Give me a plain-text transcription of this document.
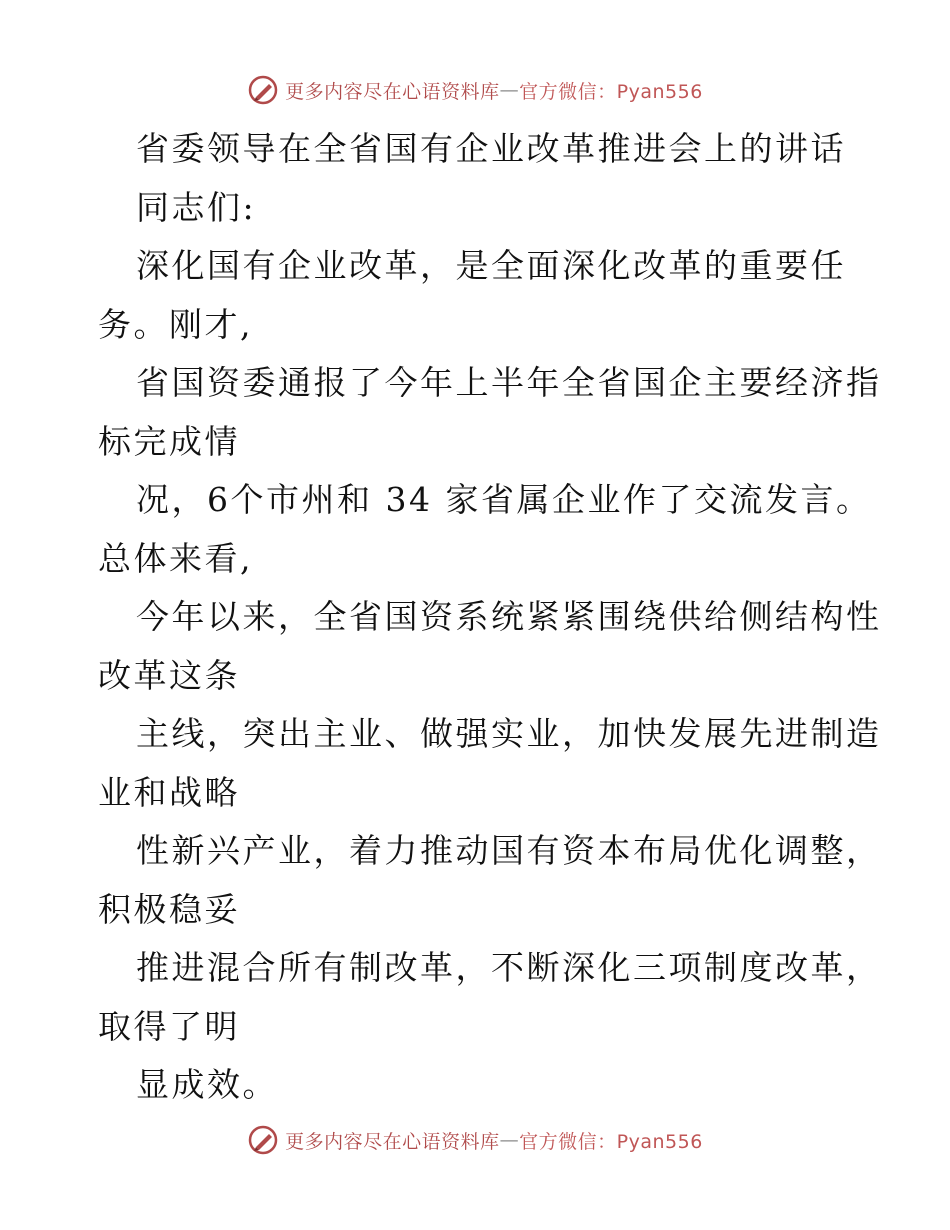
更多内容尽在心语资料库 — 官方微信：Pyan556
省委领导在全省国有企业改革推进会上的讲话
同志们:
深化国有企业改革，是全面深化改革的重要任
务。刚才,
省国资委通报了今年上半年全省国企主要经济指
标完成情
况，6个市州和 34 家省属企业作了交流发言。
总体来看,
今年以来，全省国资系统紧紧围绕供给侧结构性
改革这条
主线，突出主业、做强实业，加快发展先进制造
业和战略
性新兴产业，着力推动国有资本布局优化调整，
积极稳妥
推进混合所有制改革，不断深化三项制度改革，
取得了明
显成效。
更多内容尽在心语资料库 — 官方微信：Pyan556
